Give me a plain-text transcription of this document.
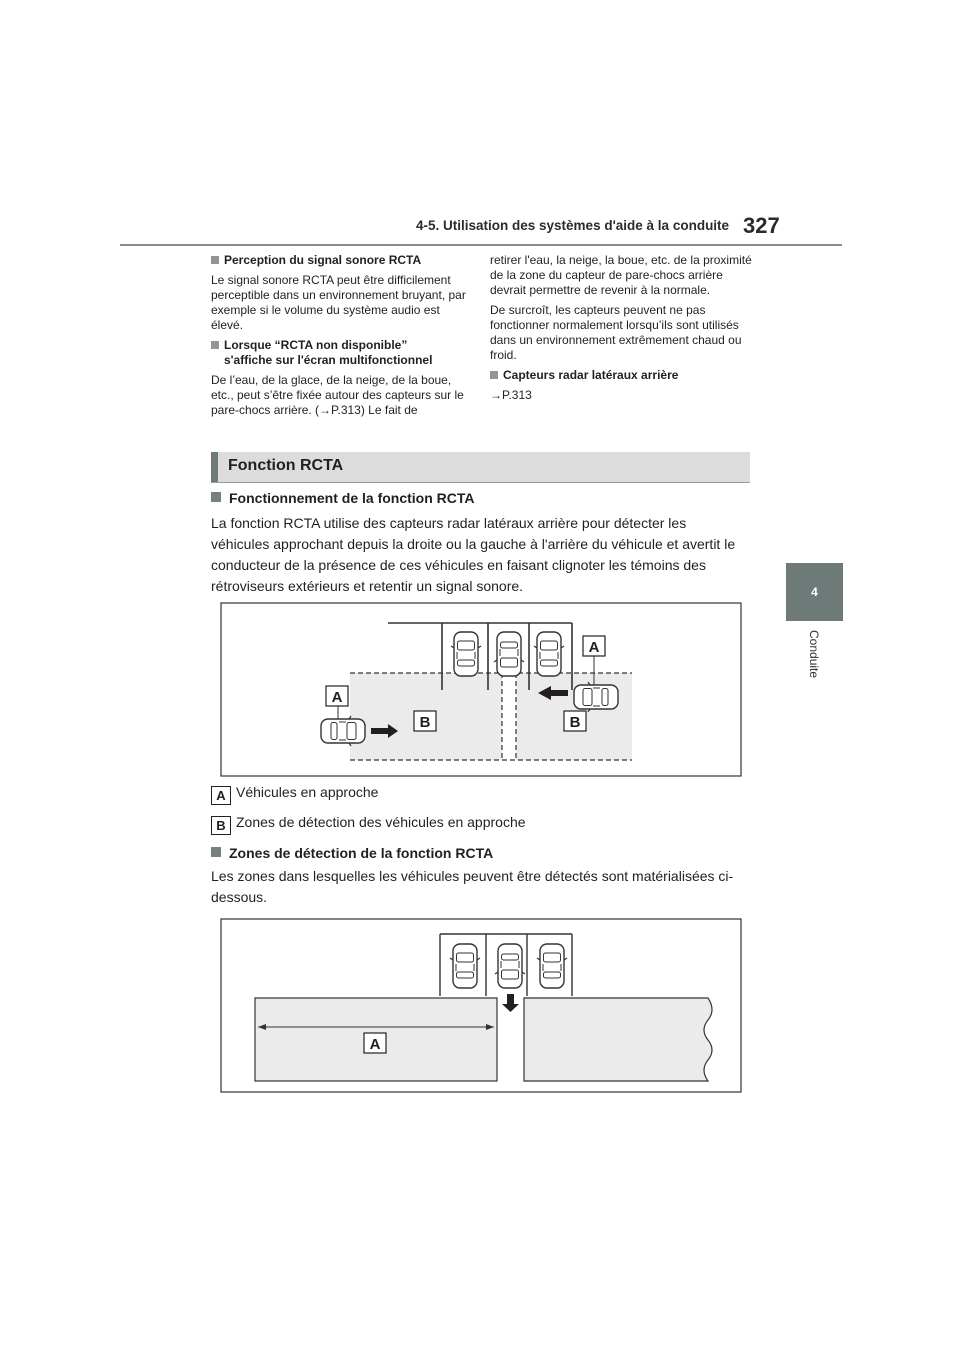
4-5. Utilisation des systèmes d'aide à la conduite 327
4
Conduite

Perception du signal sonore RCTA

Le signal sonore RCTA peut être difficilement perceptible dans un environnement bruyant, par exemple si le volume du système audio est élevé.

Lorsque “RCTA non disponible”

s'affiche sur l'écran multifonctionnel

De l’eau, de la glace, de la neige, de la boue, etc., peut s’être fixée autour des capteurs sur le pare-chocs arrière. (→P.313) Le fait de

retirer l'eau, la neige, la boue, etc. de la proximité de la zone du capteur de pare-chocs arrière devrait permettre de revenir à la normale.

De surcroît, les capteurs peuvent ne pas fonctionner normalement lorsqu’ils sont utilisés dans un environnement extrêmement chaud ou froid.

Capteurs radar latéraux arrière

→P.313

Fonction RCTA
Fonctionnement de la fonction RCTA
La fonction RCTA utilise des capteurs radar latéraux arrière pour détecter les véhicules approchant depuis la droite ou la gauche à l'arrière du véhicule et avertit le conducteur de la présence de ces véhicules en faisant clignoter les témoins des rétroviseurs extérieurs et retentir un signal sonore.
A
A
B	B
A
A Véhicules en approche
B Zones de détection des véhicules en approche
Zones de détection de la fonction RCTA
Les zones dans lesquelles les véhicules peuvent être détectés sont matérialisées ci-dessous.
